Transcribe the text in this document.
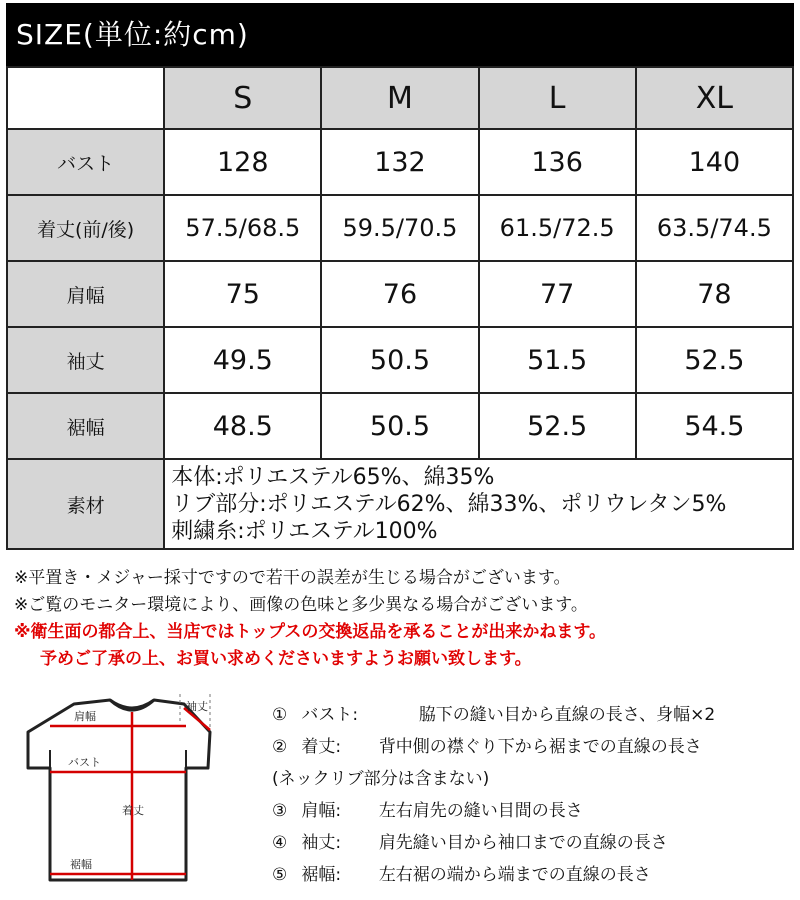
SIZE(単位:約cm)
	S	M	L	XL
バスト	128	132	136	140
着丈(前/後)	57.5/68.5	59.5/70.5	61.5/72.5	63.5/74.5
肩幅	75	76	77	78
袖丈	49.5	50.5	51.5	52.5
裾幅	48.5	50.5	52.5	54.5
素材	本体:ポリエステル65%、綿35%
リブ部分:ポリエステル62%、綿33%、ポリウレタン5%
刺繍糸:ポリエステル100%			
※平置き・メジャー採寸ですので若干の誤差が生じる場合がございます。
※ご覧のモニター環境により、画像の色味と多少異なる場合がございます。
※衛生面の都合上、当店ではトップスの交換返品を承ることが出来かねます。
予めご了承の上、お買い求めくださいますようお願い致します。
袖丈
肩幅
バスト
着丈
裾幅
① バスト:	脇下の縫い目から直線の長さ、身幅×2
② 着丈: 背中側の襟ぐり下から裾までの直線の長さ
(ネックリブ部分は含まない)
③ 肩幅: 左右肩先の縫い目間の長さ
④ 袖丈: 肩先縫い目から袖口までの直線の長さ
⑤ 裾幅: 左右裾の端から端までの直線の長さ
